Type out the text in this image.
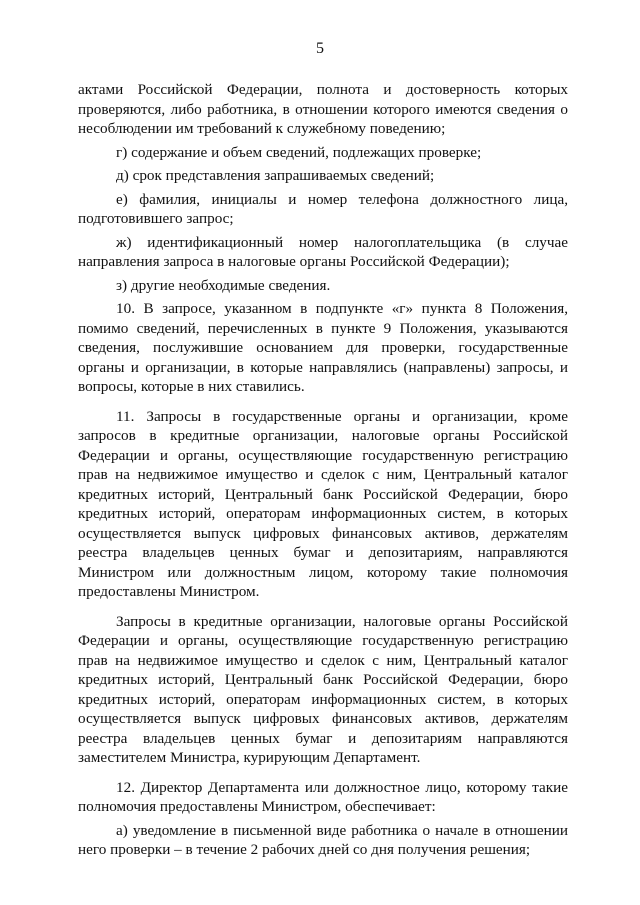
5

актами Российской Федерации, полнота и достоверность которых проверяются, либо работника, в отношении которого имеются сведения о несоблюдении им требований к служебному поведению;

г) содержание и объем сведений, подлежащих проверке;

д) срок представления запрашиваемых сведений;

е) фамилия, инициалы и номер телефона должностного лица, подготовившего запрос;

ж) идентификационный номер налогоплательщика (в случае направления запроса в налоговые органы Российской Федерации);

з) другие необходимые сведения.

10. В запросе, указанном в подпункте «г» пункта 8 Положения, помимо сведений, перечисленных в пункте 9 Положения, указываются сведения, послужившие основанием для проверки, государственные органы и организации, в которые направлялись (направлены) запросы, и вопросы, которые в них ставились.

11. Запросы в государственные органы и организации, кроме запросов в кредитные организации, налоговые органы Российской Федерации и органы, осуществляющие государственную регистрацию прав на недвижимое имущество и сделок с ним, Центральный каталог кредитных историй, Центральный банк Российской Федерации, бюро кредитных историй, операторам информационных систем, в которых осуществляется выпуск цифровых финансовых активов, держателям реестра владельцев ценных бумаг и депозитариям, направляются Министром или должностным лицом, которому такие полномочия предоставлены Министром.

Запросы в кредитные организации, налоговые органы Российской Федерации и органы, осуществляющие государственную регистрацию прав на недвижимое имущество и сделок с ним, Центральный каталог кредитных историй, Центральный банк Российской Федерации, бюро кредитных историй, операторам информационных систем, в которых осуществляется выпуск цифровых финансовых активов, держателям реестра владельцев ценных бумаг и депозитариям направляются заместителем Министра, курирующим Департамент.

12. Директор Департамента или должностное лицо, которому такие полномочия предоставлены Министром, обеспечивает:

а) уведомление в письменной виде работника о начале в отношении него проверки – в течение 2 рабочих дней со дня получения решения;
